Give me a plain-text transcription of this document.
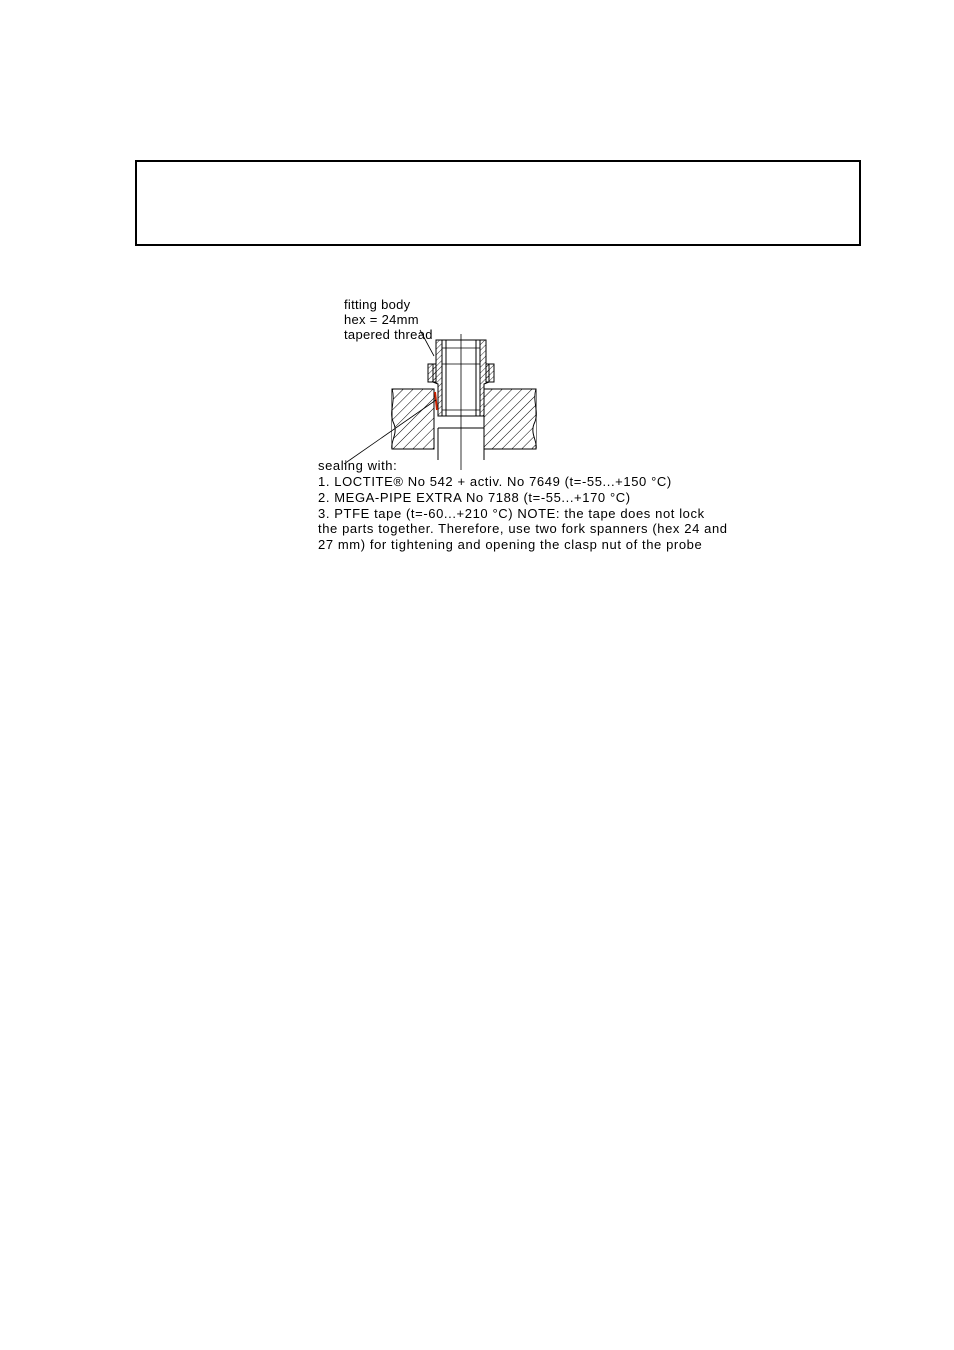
fitting body
hex = 24mm
tapered thread
sealing with:
1. LOCTITE® No 542 + activ. No 7649 (t=-55...+150 °C)
2. MEGA-PIPE EXTRA No 7188 (t=-55...+170 °C)
3. PTFE tape (t=-60...+210 °C) NOTE: the tape does not lock
the parts together. Therefore, use two fork spanners (hex 24 and
27 mm) for tightening and opening the clasp nut of the probe
